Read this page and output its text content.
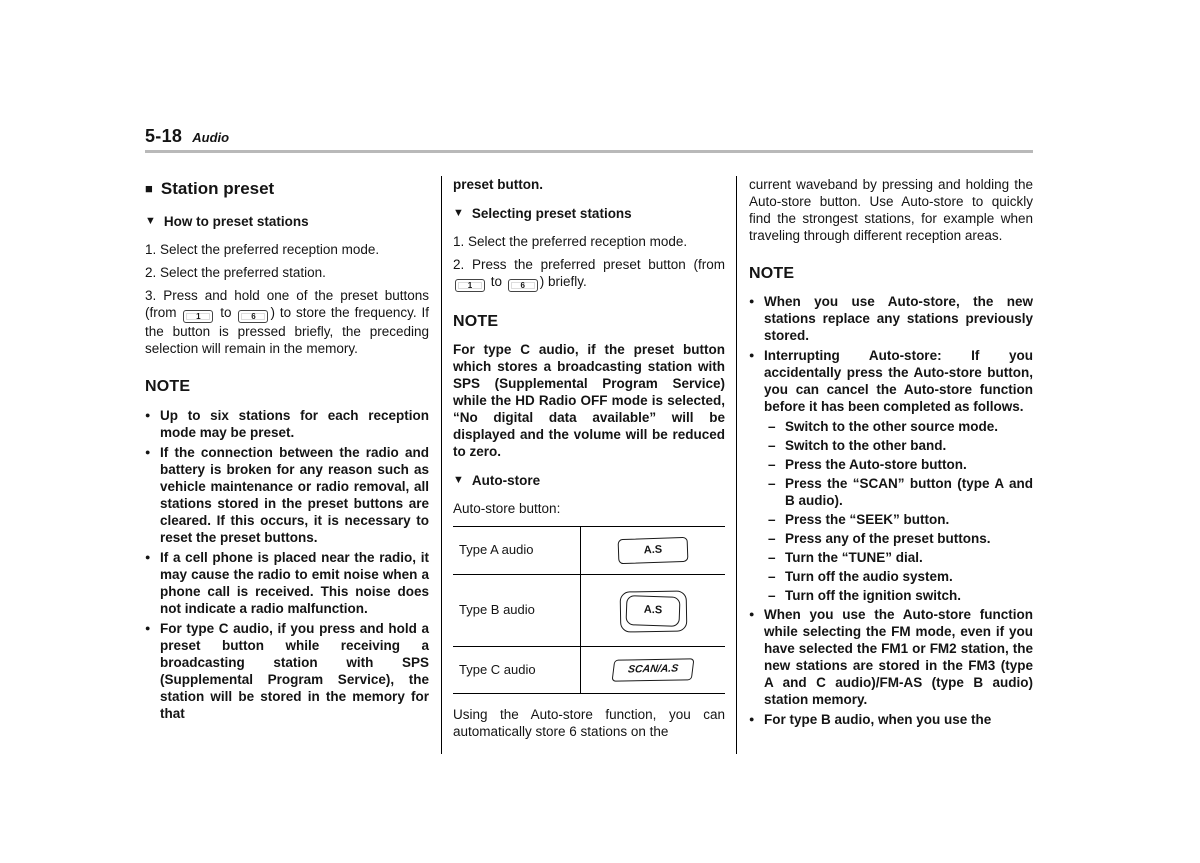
5-18 Audio
■ Station preset
▼ How to preset stations

1. Select the preferred reception mode.

2. Select the preferred station.

3. Press and hold one of the preset buttons (from 1 to 6 ) to store the frequency. If the button is pressed briefly, the preceding selection will remain in the memory.

NOTE

● Up to six stations for each reception mode may be preset.

● If the connection between the radio and battery is broken for any reason such as vehicle maintenance or radio removal, all stations stored in the preset buttons are cleared. If this occurs, it is necessary to reset the preset buttons.

● If a cell phone is placed near the radio, it may cause the radio to emit noise when a phone call is received. This noise does not indicate a radio malfunction.

● For type C audio, if you press and hold a preset button while receiving a broadcasting station with SPS (Supplemental Program Service), the station will be stored in the memory for that

preset button.

▼ Selecting preset stations

1. Select the preferred reception mode.

2. Press the preferred preset button (from 1 to 6 ) briefly.

NOTE

For type C audio, if the preset button which stores a broadcasting station with SPS (Supplemental Program Service) while the HD Radio OFF mode is selected, “No digital data available” will be displayed and the volume will be reduced to zero.

▼ Auto-store

Auto-store button:

Type A audio	A.S
Type B audio	A.S
Type C audio	SCAN/A.S

Using the Auto-store function, you can automatically store 6 stations on the

current waveband by pressing and holding the Auto-store button. Use Auto-store to quickly find the strongest stations, for example when traveling through different reception areas.

NOTE

● When you use Auto-store, the new stations replace any stations previously stored.

● Interrupting Auto-store: If you accidentally press the Auto-store button, you can cancel the Auto-store function before it has been completed as follows.

– Switch to the other source mode.

– Switch to the other band.

– Press the Auto-store button.

– Press the “SCAN” button (type A and B audio).

– Press the “SEEK” button.

– Press any of the preset buttons.

– Turn the “TUNE” dial.

– Turn off the audio system.

– Turn off the ignition switch.

● When you use the Auto-store function while selecting the FM mode, even if you have selected the FM1 or FM2 station, the new stations are stored in the FM3 (type A and C audio)/FM-AS (type B audio) station memory.

● For type B audio, when you use the
